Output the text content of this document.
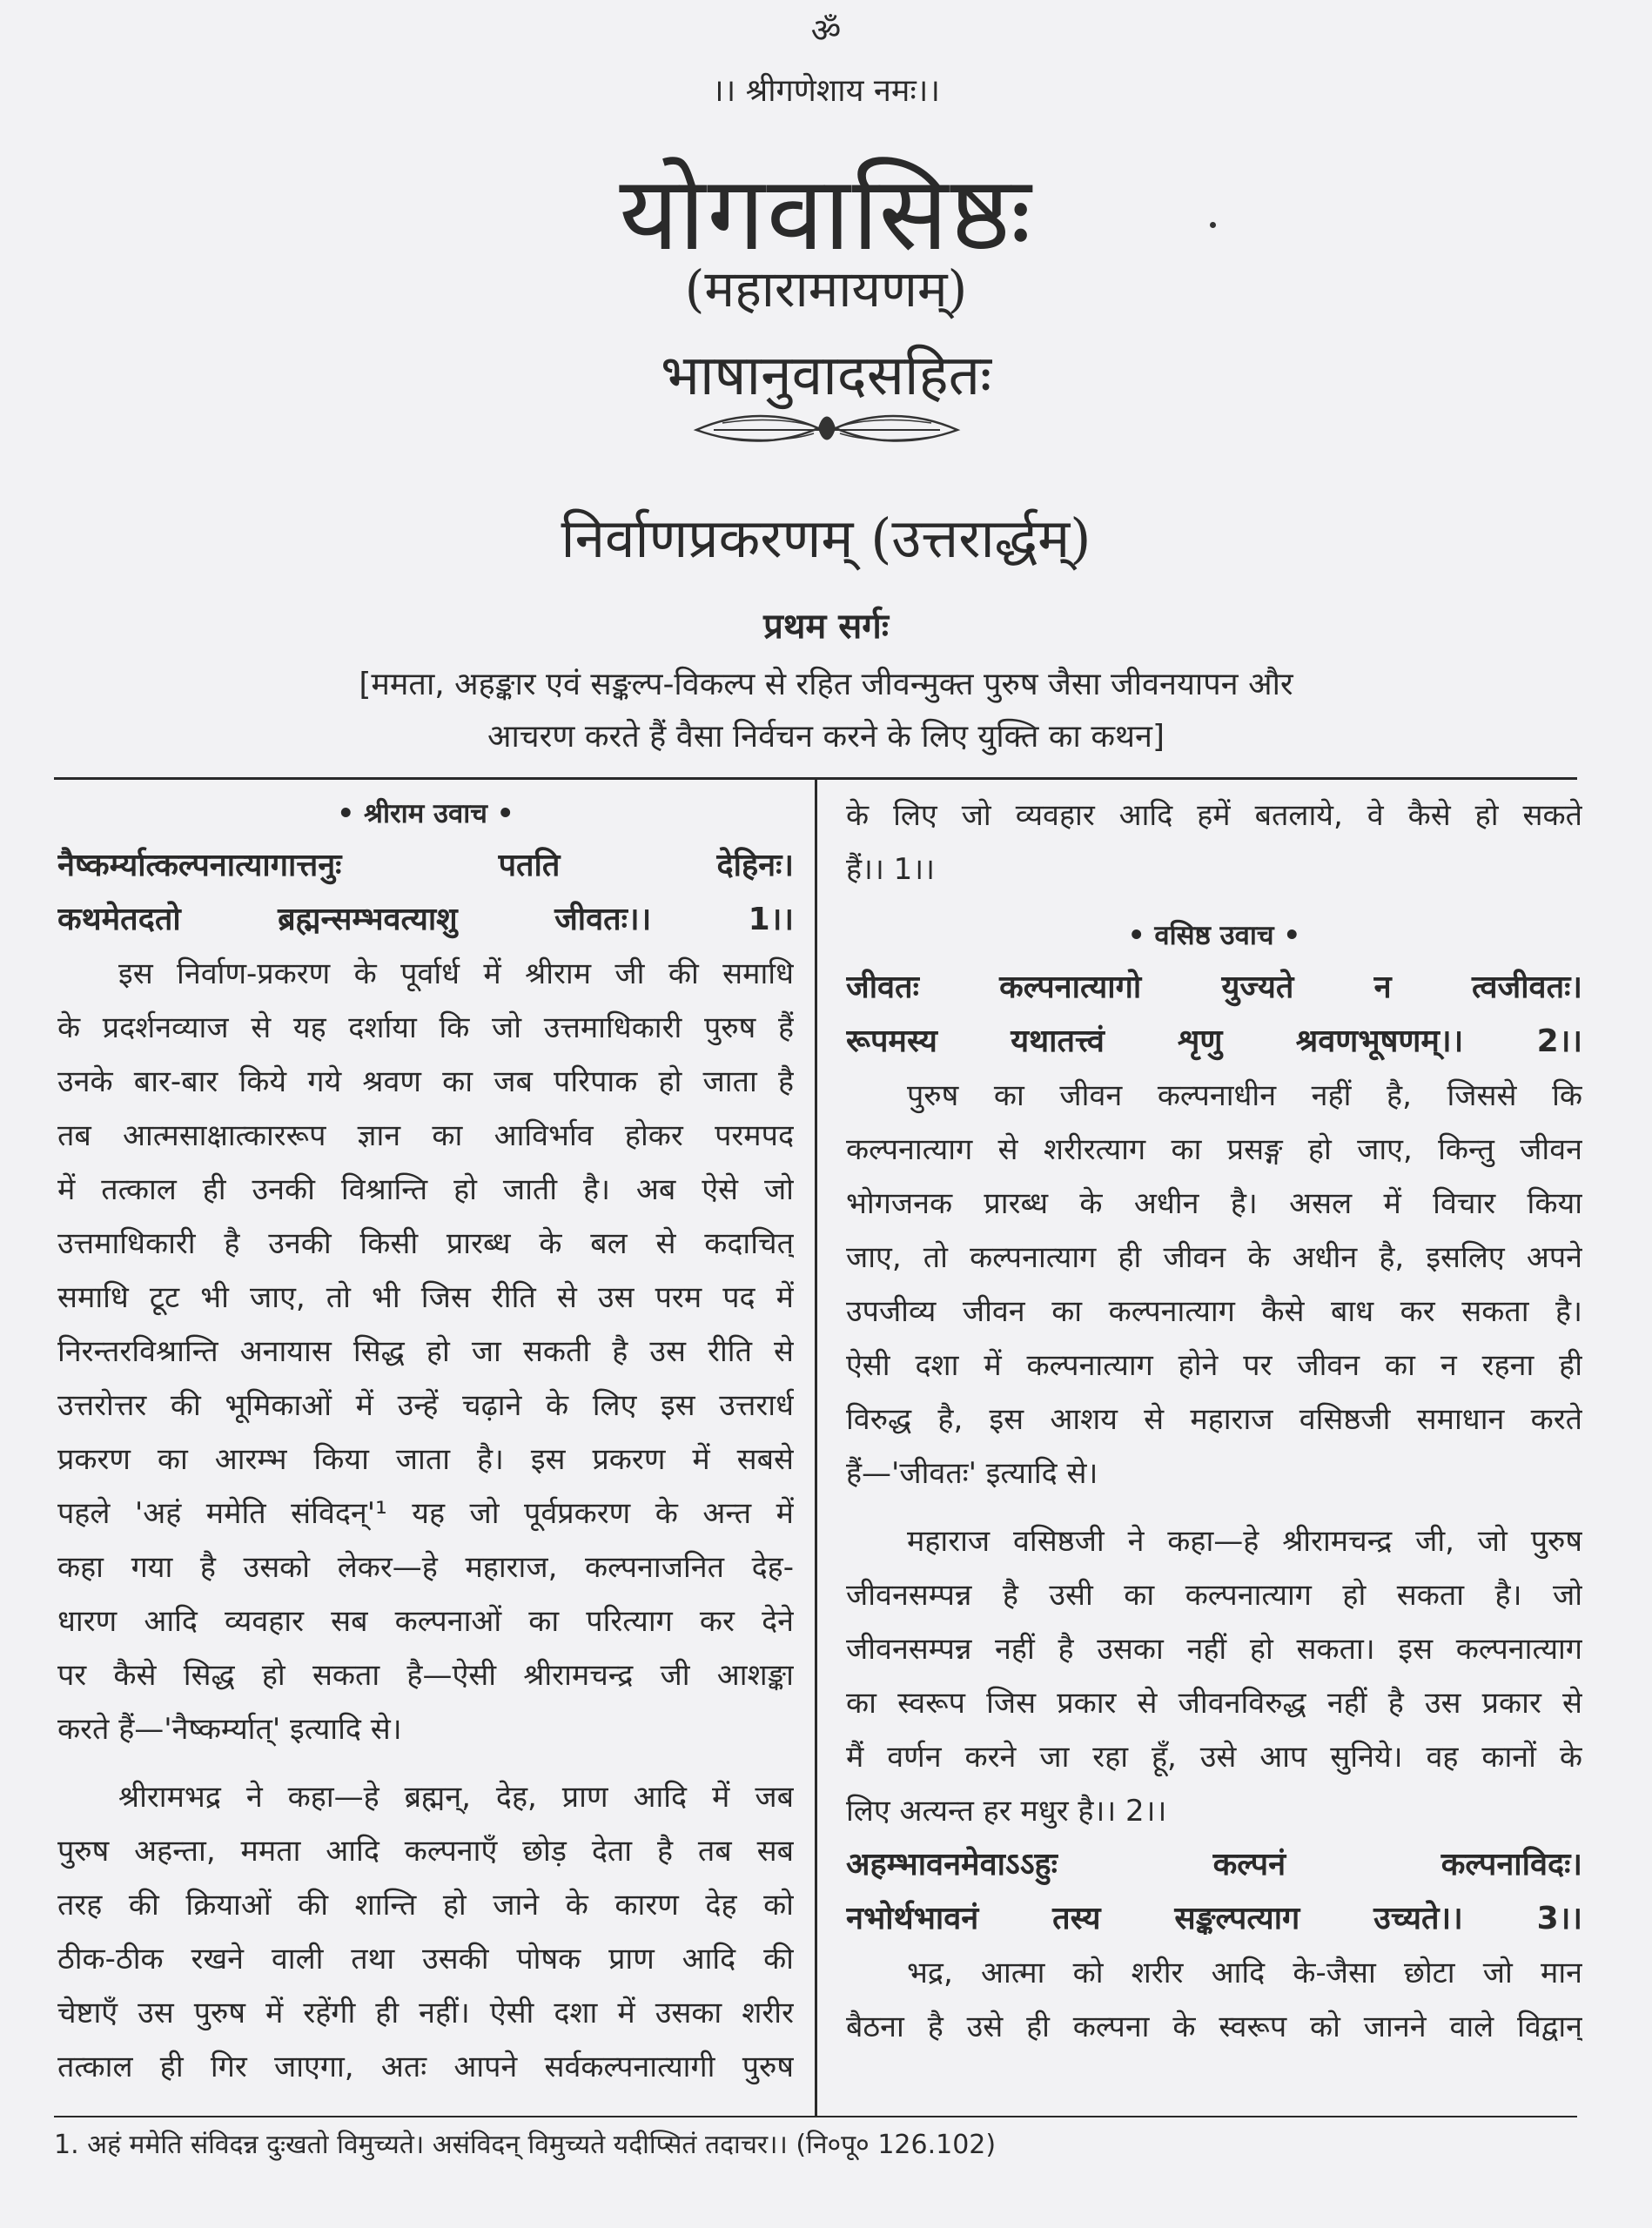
ॐ
।। श्रीगणेशाय नमः।।
योगवासिष्ठः
(महारामायणम्)
भाषानुवादसहितः
निर्वाणप्रकरणम् (उत्तरार्द्धम्)
प्रथम सर्गः
[ममता, अहङ्कार एवं सङ्कल्प-विकल्प से रहित जीवन्मुक्त पुरुष जैसा जीवनयापन और
आचरण करते हैं वैसा निर्वचन करने के लिए युक्ति का कथन]
• श्रीराम उवाच •
नैष्कर्म्यात्कल्पनात्यागात्तनुः पतति देहिनः।
कथमेतदतो ब्रह्मन्सम्भवत्याशु जीवतः।। 1।।
इस निर्वाण-प्रकरण के पूर्वार्ध में श्रीराम जी की समाधि
के प्रदर्शनव्याज से यह दर्शाया कि जो उत्तमाधिकारी पुरुष हैं
उनके बार-बार किये गये श्रवण का जब परिपाक हो जाता है
तब आत्मसाक्षात्काररूप ज्ञान का आविर्भाव होकर परमपद
में तत्काल ही उनकी विश्रान्ति हो जाती है। अब ऐसे जो
उत्तमाधिकारी है उनकी किसी प्रारब्ध के बल से कदाचित्
समाधि टूट भी जाए, तो भी जिस रीति से उस परम पद में
निरन्तरविश्रान्ति अनायास सिद्ध हो जा सकती है उस रीति से
उत्तरोत्तर की भूमिकाओं में उन्हें चढ़ाने के लिए इस उत्तरार्ध
प्रकरण का आरम्भ किया जाता है। इस प्रकरण में सबसे
पहले 'अहं ममेति संविदन्'¹ यह जो पूर्वप्रकरण के अन्त में
कहा गया है उसको लेकर—हे महाराज, कल्पनाजनित देह-
धारण आदि व्यवहार सब कल्पनाओं का परित्याग कर देने
पर कैसे सिद्ध हो सकता है—ऐसी श्रीरामचन्द्र जी आशङ्का
करते हैं—'नैष्कर्म्यात्' इत्यादि से।
श्रीरामभद्र ने कहा—हे ब्रह्मन्, देह, प्राण आदि में जब
पुरुष अहन्ता, ममता आदि कल्पनाएँ छोड़ देता है तब सब
तरह की क्रियाओं की शान्ति हो जाने के कारण देह को
ठीक-ठीक रखने वाली तथा उसकी पोषक प्राण आदि की
चेष्टाएँ उस पुरुष में रहेंगी ही नहीं। ऐसी दशा में उसका शरीर
तत्काल ही गिर जाएगा, अतः आपने सर्वकल्पनात्यागी पुरुष
के लिए जो व्यवहार आदि हमें बतलाये, वे कैसे हो सकते
हैं।। 1।।
• वसिष्ठ उवाच •
जीवतः कल्पनात्यागो युज्यते न त्वजीवतः।
रूपमस्य यथातत्त्वं शृणु श्रवणभूषणम्।। 2।।
पुरुष का जीवन कल्पनाधीन नहीं है, जिससे कि
कल्पनात्याग से शरीरत्याग का प्रसङ्ग हो जाए, किन्तु जीवन
भोगजनक प्रारब्ध के अधीन है। असल में विचार किया
जाए, तो कल्पनात्याग ही जीवन के अधीन है, इसलिए अपने
उपजीव्य जीवन का कल्पनात्याग कैसे बाध कर सकता है।
ऐसी दशा में कल्पनात्याग होने पर जीवन का न रहना ही
विरुद्ध है, इस आशय से महाराज वसिष्ठजी समाधान करते
हैं—'जीवतः' इत्यादि से।
महाराज वसिष्ठजी ने कहा—हे श्रीरामचन्द्र जी, जो पुरुष
जीवनसम्पन्न है उसी का कल्पनात्याग हो सकता है। जो
जीवनसम्पन्न नहीं है उसका नहीं हो सकता। इस कल्पनात्याग
का स्वरूप जिस प्रकार से जीवनविरुद्ध नहीं है उस प्रकार से
मैं वर्णन करने जा रहा हूँ, उसे आप सुनिये। वह कानों के
लिए अत्यन्त हर मधुर है।। 2।।
अहम्भावनमेवाऽऽहुः कल्पनं कल्पनाविदः।
नभोर्थभावनं तस्य सङ्कल्पत्याग उच्यते।। 3।।
भद्र, आत्मा को शरीर आदि के-जैसा छोटा जो मान
बैठना है उसे ही कल्पना के स्वरूप को जानने वाले विद्वान्
1. अहं ममेति संविदन्न दुःखतो विमुच्यते। असंविदन् विमुच्यते यदीप्सितं तदाचर।। (नि०पू० 126.102)
